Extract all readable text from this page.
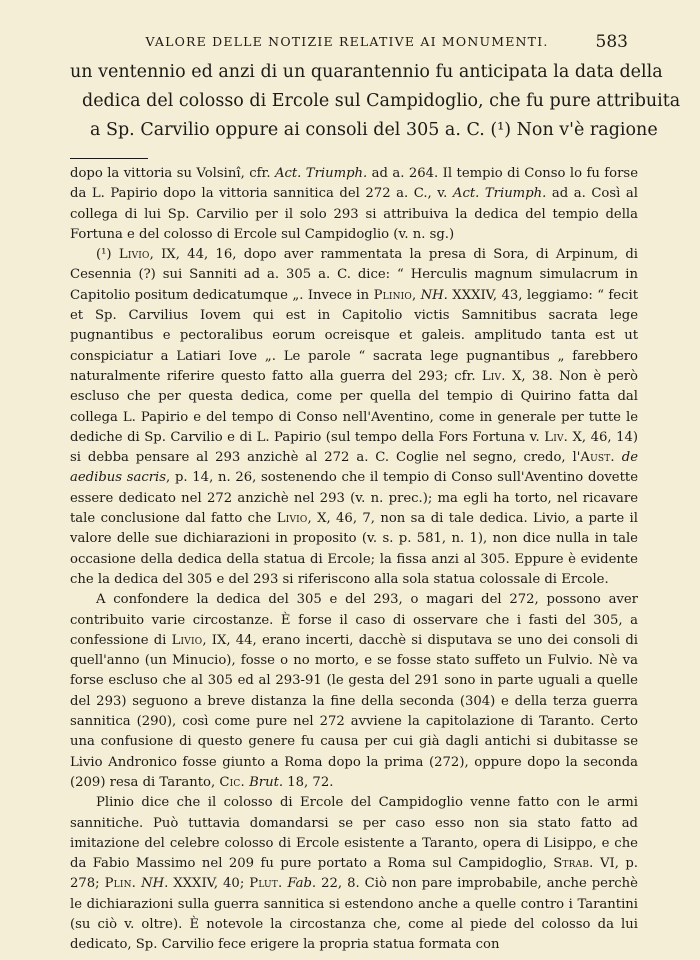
VALORE DELLE NOTIZIE RELATIVE AI MONUMENTI.	583
un ventennio ed anzi di un quarantennio fu anticipata la data della
dedica del colosso di Ercole sul Campidoglio, che fu pure attribuita
a Sp. Carvilio oppure ai consoli del 305 a. C. (¹) Non v'è ragione

dopo la vittoria su Volsinî, cfr. Act. Triumph. ad a. 264. Il tempio di Conso lo fu forse da L. Papirio dopo la vittoria sannitica del 272 a. C., v. Act. Triumph. ad a. Così al collega di lui Sp. Carvilio per il solo 293 si attribuiva la dedica del tempio della Fortuna e del colosso di Ercole sul Campidoglio (v. n. sg.)

(¹) Livio, IX, 44, 16, dopo aver rammentata la presa di Sora, di Arpinum, di Cesennia (?) sui Sanniti ad a. 305 a. C. dice: “ Herculis magnum simulacrum in Capitolio positum dedicatumque „. Invece in Plinio, NH. XXXIV, 43, leggiamo: “ fecit et Sp. Carvilius Iovem qui est in Capitolio victis Samnitibus sacrata lege pugnantibus e pectoralibus eorum ocreisque et galeis. amplitudo tanta est ut conspiciatur a Latiari Iove „. Le parole “ sacrata lege pugnantibus „ farebbero naturalmente riferire questo fatto alla guerra del 293; cfr. Liv. X, 38. Non è però escluso che per questa dedica, come per quella del tempio di Quirino fatta dal collega L. Papirio e del tempo di Conso nell'Aventino, come in generale per tutte le dediche di Sp. Carvilio e di L. Papirio (sul tempo della Fors Fortuna v. Liv. X, 46, 14) si debba pensare al 293 anzichè al 272 a. C. Coglie nel segno, credo, l'Aust. de aedibus sacris, p. 14, n. 26, sostenendo che il tempio di Conso sull'Aventino dovette essere dedicato nel 272 anzichè nel 293 (v. n. prec.); ma egli ha torto, nel ricavare tale conclusione dal fatto che Livio, X, 46, 7, non sa di tale dedica. Livio, a parte il valore delle sue dichiarazioni in proposito (v. s. p. 581, n. 1), non dice nulla in tale occasione della dedica della statua di Ercole; la fissa anzi al 305. Eppure è evidente che la dedica del 305 e del 293 si riferiscono alla sola statua colossale di Ercole.

A confondere la dedica del 305 e del 293, o magari del 272, possono aver contribuito varie circostanze. È forse il caso di osservare che i fasti del 305, a confessione di Livio, IX, 44, erano incerti, dacchè si disputava se uno dei consoli di quell'anno (un Minucio), fosse o no morto, e se fosse stato suffeto un Fulvio. Nè va forse escluso che al 305 ed al 293-91 (le gesta del 291 sono in parte uguali a quelle del 293) seguono a breve distanza la fine della seconda (304) e della terza guerra sannitica (290), così come pure nel 272 avviene la capitolazione di Taranto. Certo una confusione di questo genere fu causa per cui già dagli antichi si dubitasse se Livio Andronico fosse giunto a Roma dopo la prima (272), oppure dopo la seconda (209) resa di Taranto, Cic. Brut. 18, 72.

Plinio dice che il colosso di Ercole del Campidoglio venne fatto con le armi sannitiche. Può tuttavia domandarsi se per caso esso non sia stato fatto ad imitazione del celebre colosso di Ercole esistente a Taranto, opera di Lisippo, e che da Fabio Massimo nel 209 fu pure portato a Roma sul Campidoglio, Strab. VI, p. 278; Plin. NH. XXXIV, 40; Plut. Fab. 22, 8. Ciò non pare improbabile, anche perchè le dichiarazioni sulla guerra sannitica si estendono anche a quelle contro i Tarantini (su ciò v. oltre). È notevole la circostanza che, come al piede del colosso da lui dedicato, Sp. Carvilio fece erigere la propria statua formata con
